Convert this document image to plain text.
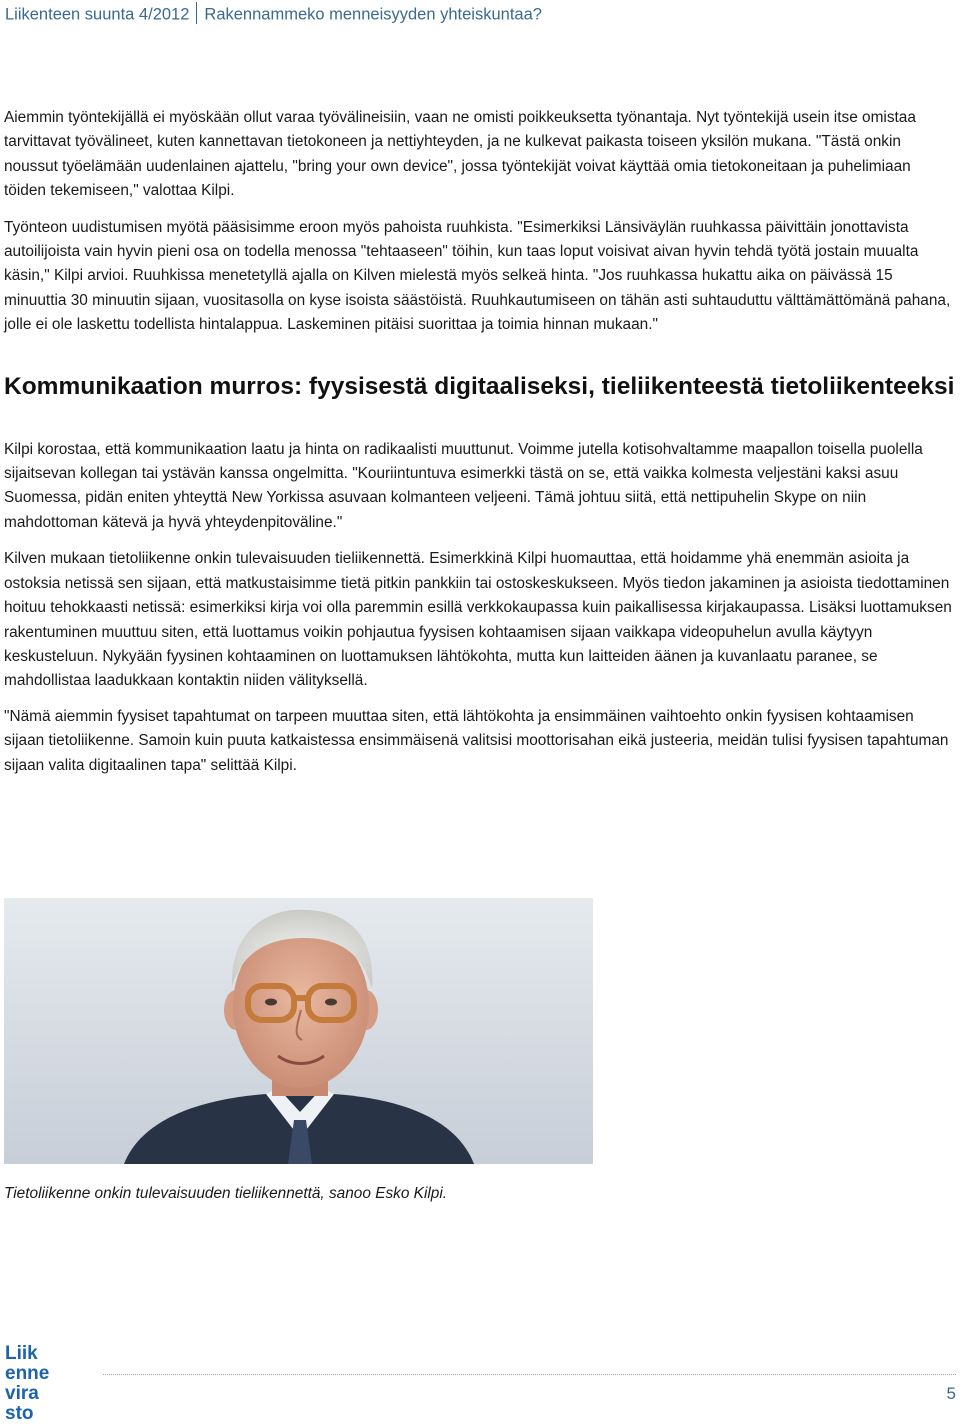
Liikenteen suunta 4/2012 Rakennammeko menneisyyden yhteiskuntaa?

Aiemmin työntekijällä ei myöskään ollut varaa työvälineisiin, vaan ne omisti poikkeuksetta työnantaja. Nyt työntekijä usein itse omistaa tarvittavat työvälineet, kuten kannettavan tietokoneen ja nettiyhteyden, ja ne kulkevat paikasta toiseen yksilön mukana. "Tästä onkin noussut työelämään uudenlainen ajattelu, "bring your own device", jossa työntekijät voivat käyttää omia tietokoneitaan ja puhelimiaan töiden tekemiseen," valottaa Kilpi.

Työnteon uudistumisen myötä pääsisimme eroon myös pahoista ruuhkista. "Esimerkiksi Länsiväylän ruuhkassa päivittäin jonottavista autoilijoista vain hyvin pieni osa on todella menossa "tehtaaseen" töihin, kun taas loput voisivat aivan hyvin tehdä työtä jostain muualta käsin," Kilpi arvioi. Ruuhkissa menetetyllä ajalla on Kilven mielestä myös selkeä hinta. "Jos ruuhkassa hukattu aika on päivässä 15 minuuttia 30 minuutin sijaan, vuositasolla on kyse isoista säästöistä. Ruuhkautumiseen on tähän asti suhtauduttu välttämättömänä pahana, jolle ei ole laskettu todellista hintalappua. Laskeminen pitäisi suorittaa ja toimia hinnan mukaan."

Kommunikaation murros: fyysisestä digitaaliseksi, tieliikenteestä tietoliikenteeksi

Kilpi korostaa, että kommunikaation laatu ja hinta on radikaalisti muuttunut. Voimme jutella kotisohvaltamme maapallon toisella puolella sijaitsevan kollegan tai ystävän kanssa ongelmitta. "Kouriintuntuva esimerkki tästä on se, että vaikka kolmesta veljestäni kaksi asuu Suomessa, pidän eniten yhteyttä New Yorkissa asuvaan kolmanteen veljeeni. Tämä johtuu siitä, että nettipuhelin Skype on niin mahdottoman kätevä ja hyvä yhteydenpitoväline."

Kilven mukaan tietoliikenne onkin tulevaisuuden tieliikennettä. Esimerkkinä Kilpi huomauttaa, että hoidamme yhä enemmän asioita ja ostoksia netissä sen sijaan, että matkustaisimme tietä pitkin pankkiin tai ostoskeskukseen. Myös tiedon jakaminen ja asioista tiedottaminen hoituu tehokkaasti netissä: esimerkiksi kirja voi olla paremmin esillä verkkokaupassa kuin paikallisessa kirjakaupassa. Lisäksi luottamuksen rakentuminen muuttuu siten, että luottamus voikin pohjautua fyysisen kohtaamisen sijaan vaikkapa videopuhelun avulla käytyyn keskusteluun. Nykyään fyysinen kohtaaminen on luottamuksen lähtökohta, mutta kun laitteiden äänen ja kuvanlaatu paranee, se mahdollistaa laadukkaan kontaktin niiden välityksellä.

"Nämä aiemmin fyysiset tapahtumat on tarpeen muuttaa siten, että lähtökohta ja ensimmäinen vaihtoehto onkin fyysisen kohtaamisen sijaan tietoliikenne. Samoin kuin puuta katkaistessa ensimmäisenä valitsisi moottorisahan eikä justeeria, meidän tulisi fyysisen tapahtuman sijaan valita digitaalinen tapa" selittää Kilpi.

Tietoliikenne onkin tulevaisuuden tieliikennettä, sanoo Esko Kilpi.
Liik
enne
vira
sto
5
